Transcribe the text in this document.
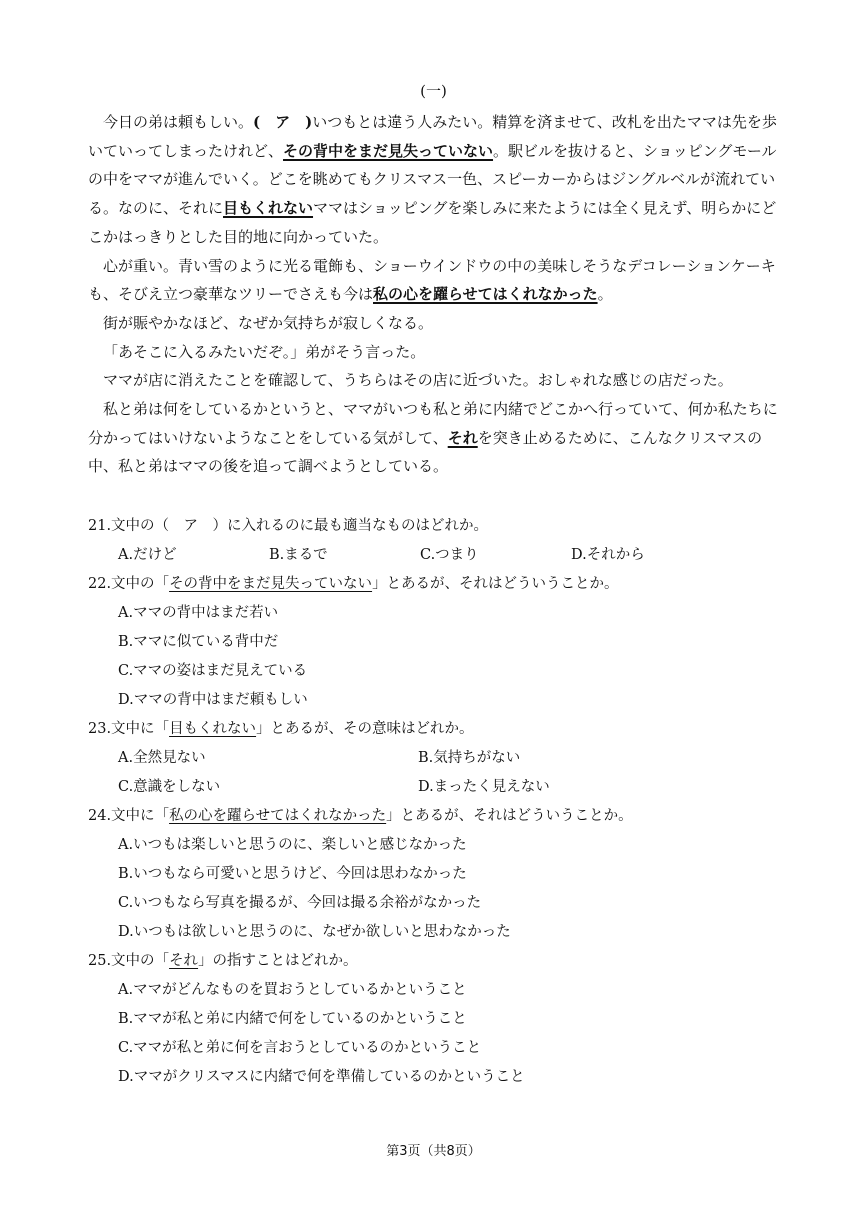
(一)

今日の弟は頼もしい。(　ア　)いつもとは違う人みたい。精算を済ませて、改札を出たママは先を歩いていってしまったけれど、その背中をまだ見失っていない。駅ビルを抜けると、ショッピングモールの中をママが進んでいく。どこを眺めてもクリスマス一色、スピーカーからはジングルベルが流れている。なのに、それに目もくれないママはショッピングを楽しみに来たようには全く見えず、明らかにどこかはっきりとした目的地に向かっていた。

心が重い。青い雪のように光る電飾も、ショーウインドウの中の美味しそうなデコレーションケーキも、そびえ立つ豪華なツリーでさえも今は私の心を躍らせてはくれなかった。

街が賑やかなほど、なぜか気持ちが寂しくなる。

「あそこに入るみたいだぞ。」弟がそう言った。

ママが店に消えたことを確認して、うちらはその店に近づいた。おしゃれな感じの店だった。

私と弟は何をしているかというと、ママがいつも私と弟に内緒でどこかへ行っていて、何か私たちに分かってはいけないようなことをしている気がして、それを突き止めるために、こんなクリスマスの中、私と弟はママの後を追って調べようとしている。

21.文中の（　ア　）に入れるのに最も適当なものはどれか。
A.だけど	B.まるで	C.つまり	D.それから
22.文中の「その背中をまだ見失っていない」とあるが、それはどういうことか。
A.ママの背中はまだ若い
B.ママに似ている背中だ
C.ママの姿はまだ見えている
D.ママの背中はまだ頼もしい
23.文中に「目もくれない」とあるが、その意味はどれか。
A.全然見ない	B.気持ちがない
C.意識をしない	D.まったく見えない
24.文中に「私の心を躍らせてはくれなかった」とあるが、それはどういうことか。
A.いつもは楽しいと思うのに、楽しいと感じなかった
B.いつもなら可愛いと思うけど、今回は思わなかった
C.いつもなら写真を撮るが、今回は撮る余裕がなかった
D.いつもは欲しいと思うのに、なぜか欲しいと思わなかった
25.文中の「それ」の指すことはどれか。
A.ママがどんなものを買おうとしているかということ
B.ママが私と弟に内緒で何をしているのかということ
C.ママが私と弟に何を言おうとしているのかということ
D.ママがクリスマスに内緒で何を準備しているのかということ
第3页（共8页）
